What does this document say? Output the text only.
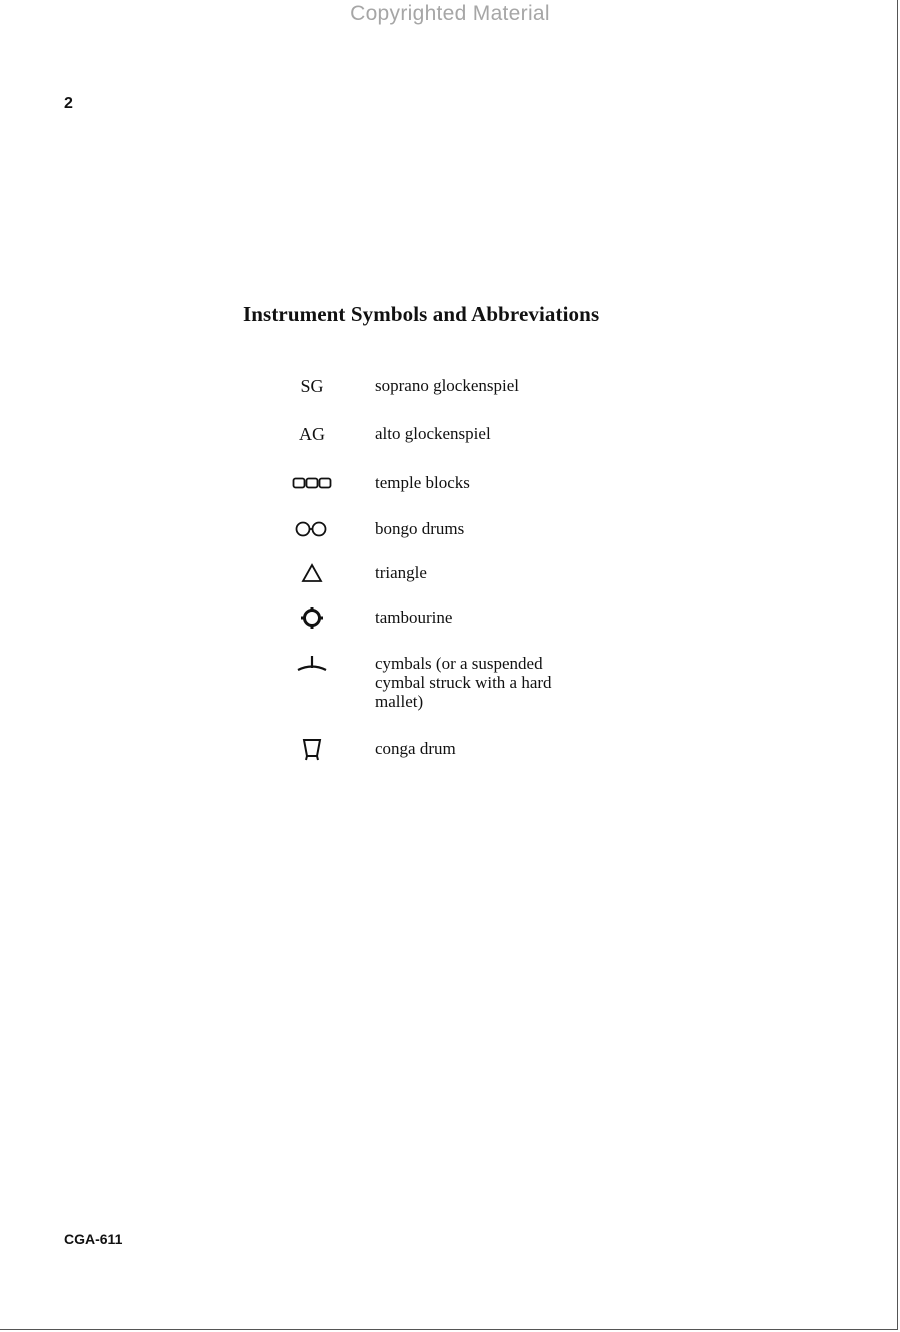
Copyrighted Material
2
Instrument Symbols and Abbreviations
SG	soprano glockenspiel
AG	alto glockenspiel
temple blocks
bongo drums
triangle
tambourine
cymbals (or a suspended cymbal struck with a hard mallet)
conga drum
CGA-611
